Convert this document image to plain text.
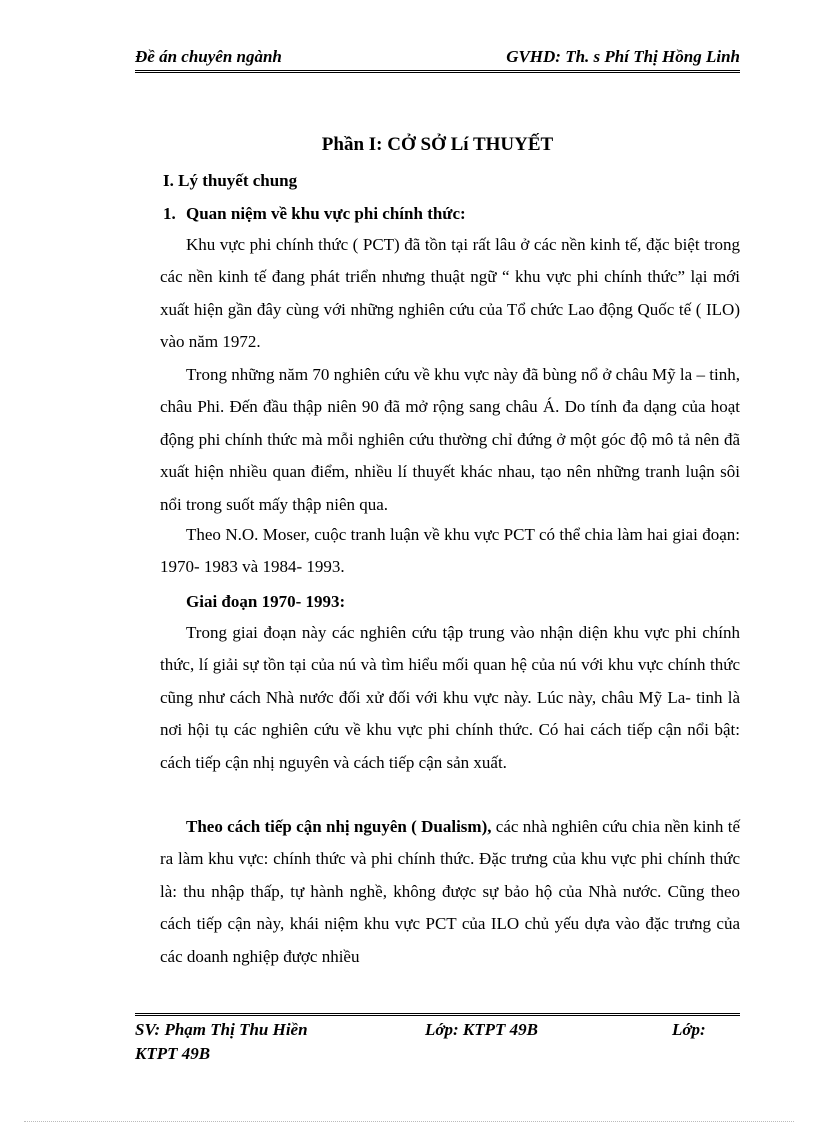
Đề án chuyên ngành	GVHD: Th. s Phí Thị Hồng Linh
Phần I: CỞ SỞ Lí THUYẾT
I. Lý thuyết chung
1. Quan niệm về khu vực phi chính thức:

Khu vực phi chính thức ( PCT) đã tồn tại rất lâu ở các nền kinh tế, đặc biệt trong các nền kinh tế đang phát triển nhưng thuật ngữ “ khu vực phi chính thức” lại mới xuất hiện gần đây cùng với những nghiên cứu của Tổ chức Lao động Quốc tế ( ILO) vào năm 1972.

Trong những năm 70 nghiên cứu về khu vực này đã bùng nổ ở châu Mỹ la – tinh, châu Phi. Đến đầu thập niên 90 đã mở rộng sang châu Á. Do tính đa dạng của hoạt động phi chính thức mà mỗi nghiên cứu thường chỉ đứng ở một góc độ mô tả nên đã xuất hiện nhiều quan điểm, nhiều lí thuyết khác nhau, tạo nên những tranh luận sôi nổi trong suốt mấy thập niên qua.

Theo N.O. Moser, cuộc tranh luận về khu vực PCT có thể chia làm hai giai đoạn: 1970- 1983 và 1984- 1993.

Giai đoạn 1970- 1993:

Trong giai đoạn này các nghiên cứu tập trung vào nhận diện khu vực phi chính thức, lí giải sự tồn tại của nú và tìm hiểu mối quan hệ của nú với khu vực chính thức cũng như cách Nhà nước đối xử đối với khu vực này. Lúc này, châu Mỹ La- tinh là nơi hội tụ các nghiên cứu về khu vực phi chính thức. Có hai cách tiếp cận nổi bật: cách tiếp cận nhị nguyên và cách tiếp cận sản xuất.

Theo cách tiếp cận nhị nguyên ( Dualism), các nhà nghiên cứu chia nền kinh tế ra làm khu vực: chính thức và phi chính thức. Đặc trưng của khu vực phi chính thức là: thu nhập thấp, tự hành nghề, không được sự bảo hộ của Nhà nước. Cũng theo cách tiếp cận này, khái niệm khu vực PCT của ILO chủ yếu dựa vào đặc trưng của các doanh nghiệp được nhiều

SV: Phạm Thị Thu Hiền	Lớp: KTPT 49B	Lớp:
KTPT 49B
